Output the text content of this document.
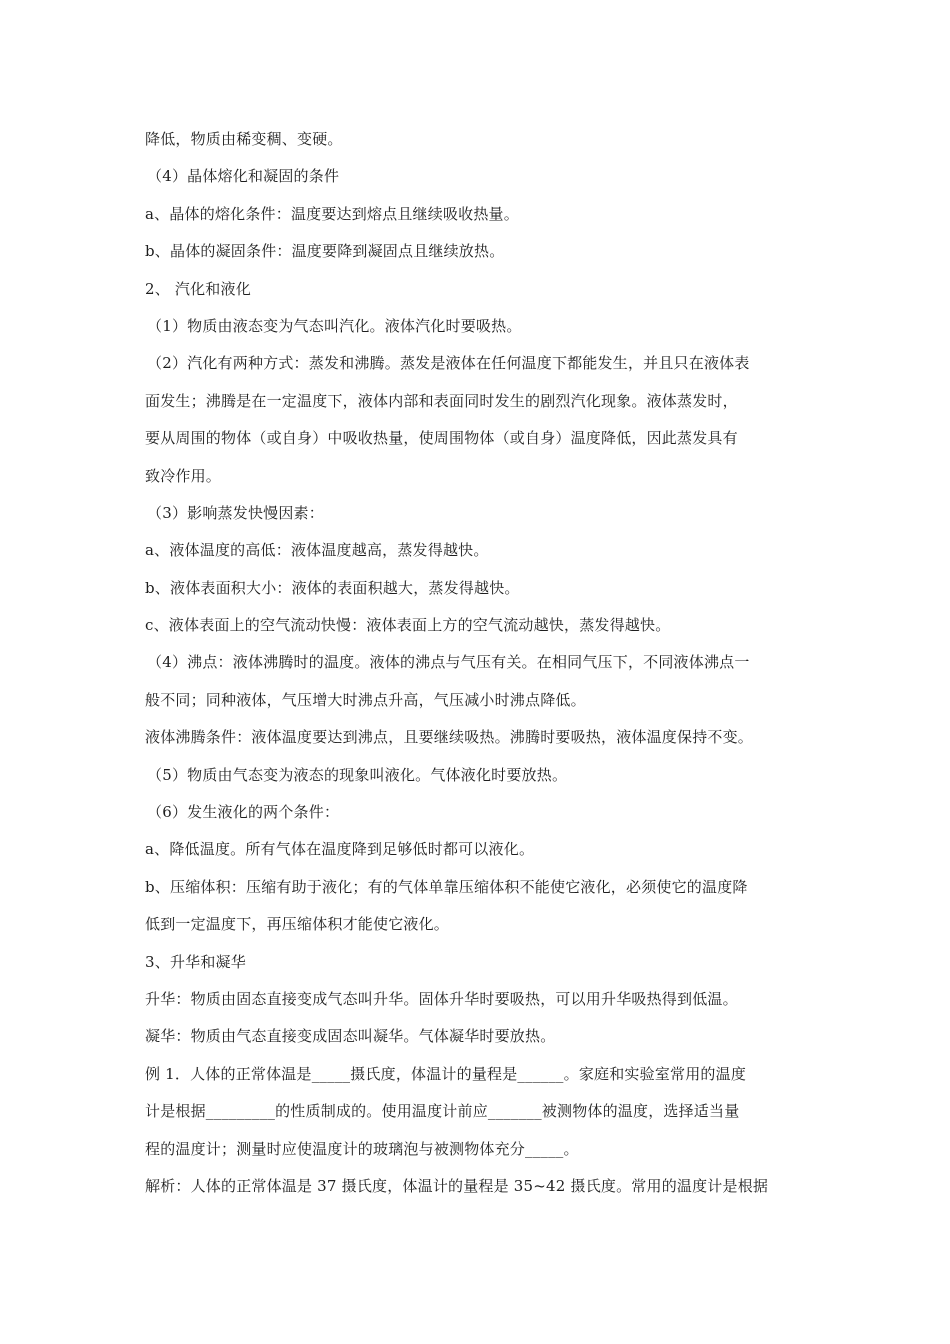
降低，物质由稀变稠、变硬。
（4）晶体熔化和凝固的条件
a、晶体的熔化条件：温度要达到熔点且继续吸收热量。
b、晶体的凝固条件：温度要降到凝固点且继续放热。
2、 汽化和液化
（1）物质由液态变为气态叫汽化。液体汽化时要吸热。
（2）汽化有两种方式：蒸发和沸腾。蒸发是液体在任何温度下都能发生，并且只在液体表
面发生；沸腾是在一定温度下，液体内部和表面同时发生的剧烈汽化现象。液体蒸发时，
要从周围的物体（或自身）中吸收热量，使周围物体（或自身）温度降低，因此蒸发具有
致冷作用。
（3）影响蒸发快慢因素：
a、液体温度的高低：液体温度越高，蒸发得越快。
b、液体表面积大小：液体的表面积越大，蒸发得越快。
c、液体表面上的空气流动快慢：液体表面上方的空气流动越快，蒸发得越快。
（4）沸点：液体沸腾时的温度。液体的沸点与气压有关。在相同气压下，不同液体沸点一
般不同；同种液体，气压增大时沸点升高，气压减小时沸点降低。
液体沸腾条件：液体温度要达到沸点，且要继续吸热。沸腾时要吸热，液体温度保持不变。
（5）物质由气态变为液态的现象叫液化。气体液化时要放热。
（6）发生液化的两个条件：
a、降低温度。所有气体在温度降到足够低时都可以液化。
b、压缩体积：压缩有助于液化；有的气体单靠压缩体积不能使它液化，必须使它的温度降
低到一定温度下，再压缩体积才能使它液化。
3、升华和凝华
升华：物质由固态直接变成气态叫升华。固体升华时要吸热，可以用升华吸热得到低温。
凝华：物质由气态直接变成固态叫凝华。气体凝华时要放热。
例 1．人体的正常体温是_____摄氏度，体温计的量程是______。家庭和实验室常用的温度
计是根据_________的性质制成的。使用温度计前应_______被测物体的温度，选择适当量
程的温度计；测量时应使温度计的玻璃泡与被测物体充分_____。
解析：人体的正常体温是 37 摄氏度，体温计的量程是 35~42 摄氏度。常用的温度计是根据
